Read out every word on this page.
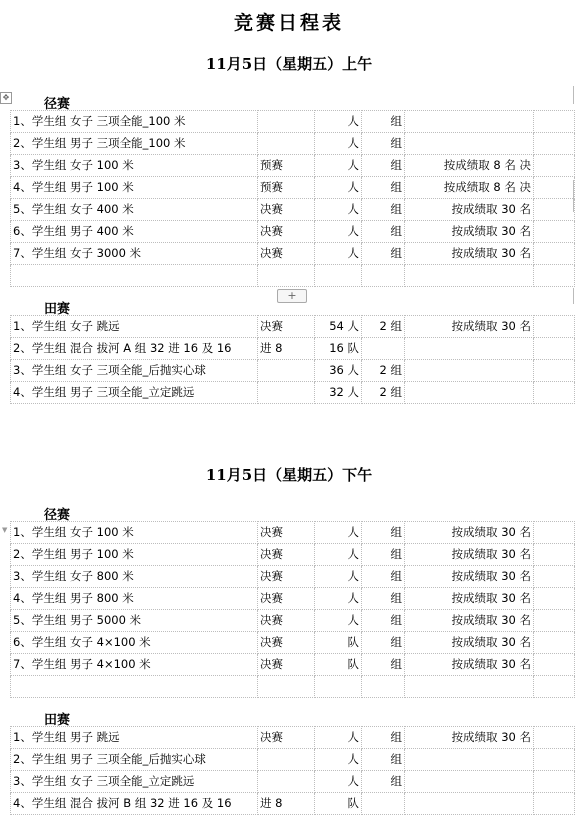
竞赛日程表
✥
11月5日（星期五）上午
径赛
1、学生组 女子 三项全能_100 米		人	组		
2、学生组 男子 三项全能_100 米		人	组		
3、学生组 女子 100 米	预赛	人	组	按成绩取 8 名 决	
4、学生组 男子 100 米	预赛	人	组	按成绩取 8 名 决	
5、学生组 女子 400 米	决赛	人	组	按成绩取 30 名	
6、学生组 男子 400 米	决赛	人	组	按成绩取 30 名	
7、学生组 女子 3000 米	决赛	人	组	按成绩取 30 名	

+
田赛
1、学生组 女子 跳远	决赛	54 人	2 组	按成绩取 30 名	
2、学生组 混合 拔河 A 组 32 进 16 及 16	进 8	16 队			
3、学生组 女子 三项全能_后抛实心球		36 人	2 组		
4、学生组 男子 三项全能_立定跳远		32 人	2 组		
11月5日（星期五）下午
径赛
▼ 1、学生组 女子 100 米	决赛	人	组	按成绩取 30 名	
2、学生组 男子 100 米	决赛	人	组	按成绩取 30 名	
3、学生组 女子 800 米	决赛	人	组	按成绩取 30 名	
4、学生组 男子 800 米	决赛	人	组	按成绩取 30 名	
5、学生组 男子 5000 米	决赛	人	组	按成绩取 30 名	
6、学生组 女子 4×100 米	决赛	队	组	按成绩取 30 名	
7、学生组 男子 4×100 米	决赛	队	组	按成绩取 30 名	

田赛
1、学生组 男子 跳远	决赛	人	组	按成绩取 30 名	
2、学生组 男子 三项全能_后抛实心球		人	组		
3、学生组 女子 三项全能_立定跳远		人	组		
4、学生组 混合 拔河 B 组 32 进 16 及 16	进 8	队			
